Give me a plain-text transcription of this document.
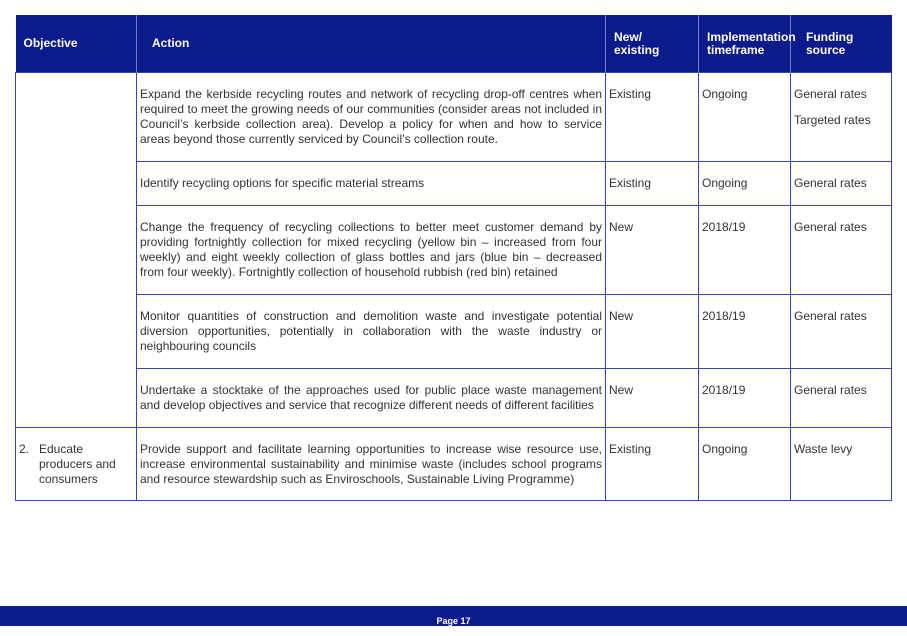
Objective	Action	New/ existing	Implementation timeframe	Funding source
	Expand the kerbside recycling routes and network of recycling drop-off centres when required to meet the growing needs of our communities (consider areas not included in Council’s kerbside collection area). Develop a policy for when and how to service areas beyond those currently serviced by Council’s collection route.	Existing	Ongoing	General rates
Targeted rates

	Identify recycling options for specific material streams	Existing	Ongoing	General rates

	Change the frequency of recycling collections to better meet customer demand by providing fortnightly collection for mixed recycling (yellow bin – increased from four weekly) and eight weekly collection of glass bottles and jars (blue bin – decreased from four weekly). Fortnightly collection of household rubbish (red bin) retained	New	2018/19	General rates

	Monitor quantities of construction and demolition waste and investigate potential diversion opportunities, potentially in collaboration with the waste industry or neighbouring councils	New	2018/19	General rates

	Undertake a stocktake of the approaches used for public place waste management and develop objectives and service that recognize different needs of different facilities	New	2018/19	General rates

2. Educate producers and consumers	Provide support and facilitate learning opportunities to increase wise resource use, increase environmental sustainability and minimise waste (includes school programs and resource stewardship such as Enviroschools, Sustainable Living Programme)	Existing	Ongoing	Waste levy
Page 17
